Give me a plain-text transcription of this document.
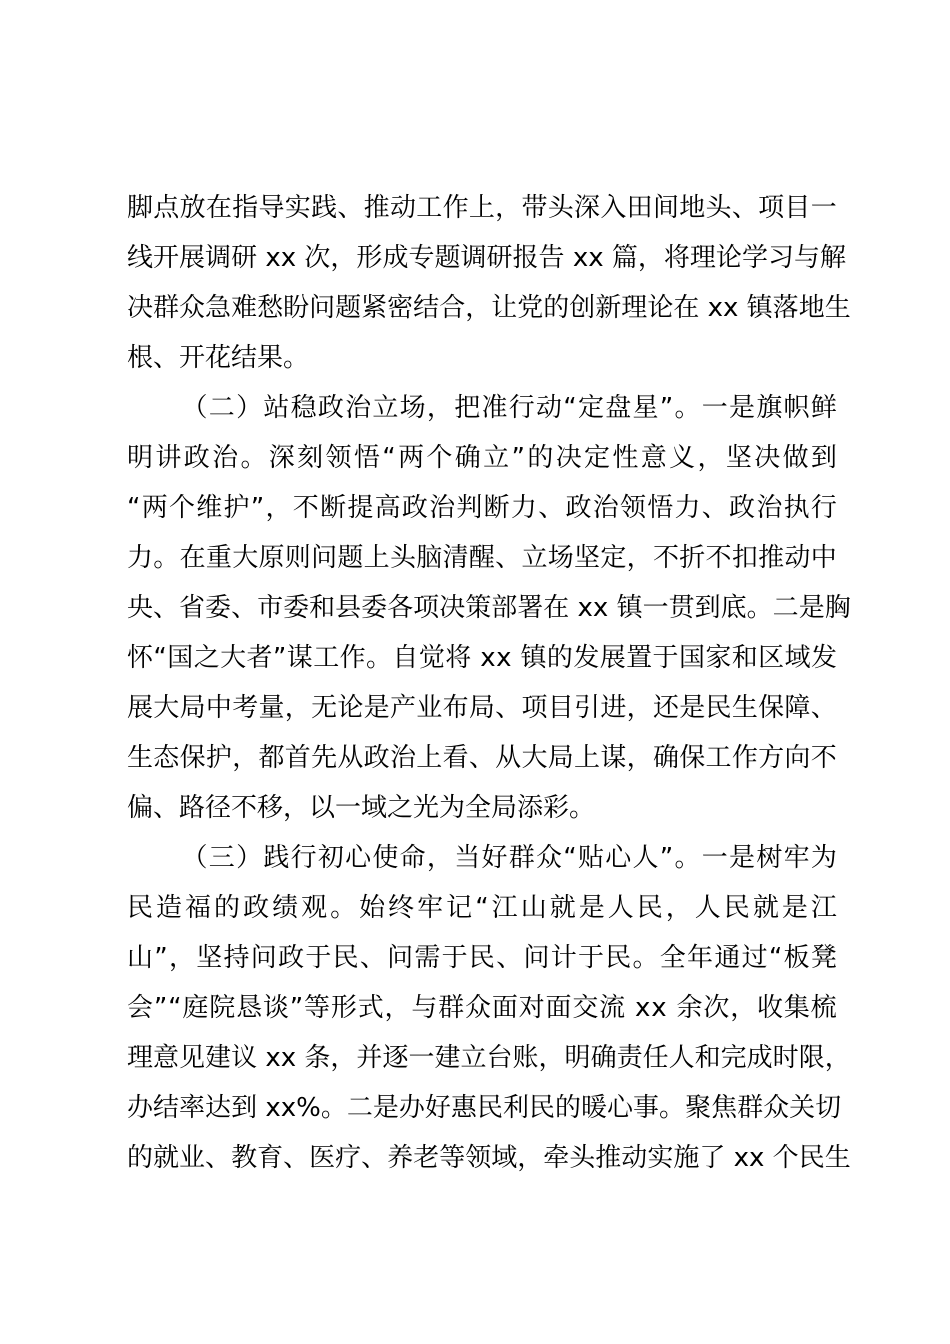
脚 点 放 在 指 导 实 践 、 推 动 工 作 上 ， 带 头 深 入 田 间 地 头 、 项 目 一
线 开 展 调 研
x x
次 ， 形 成 专 题 调 研 报 告
x x
篇 ， 将 理 论 学 习 与 解
决 群 众 急 难 愁 盼 问 题 紧 密 结 合 ， 让 党 的 创 新 理 论 在
x x
镇 落 地 生
根、开花结果。

（ 二 ） 站 稳 政 治 立 场 ， 把 准 行 动 “ 定 盘 星 ” 。 一 是 旗 帜 鲜
明 讲 政 治 。 深 刻 领 悟 “ 两 个 确 立 ” 的 决 定 性 意 义 ， 坚 决 做 到
“ 两 个 维 护 ” ， 不 断 提 高 政 治 判 断 力 、 政 治 领 悟 力 、 政 治 执 行
力 。 在 重 大 原 则 问 题 上 头 脑 清 醒 、 立 场 坚 定 ， 不 折 不 扣 推 动 中
央 、 省 委 、 市 委 和 县 委 各 项 决 策 部 署 在
x x
镇 一 贯 到 底 。 二 是 胸
怀 “ 国 之 大 者 ” 谋 工 作 。 自 觉 将
x x
镇 的 发 展 置 于 国 家 和 区 域 发
展 大 局 中 考 量 ， 无 论 是 产 业 布 局 、 项 目 引 进 ， 还 是 民 生 保 障 、
生 态 保 护 ， 都 首 先 从 政 治 上 看 、 从 大 局 上 谋 ， 确 保 工 作 方 向 不
偏、路径不移，以一域之光为全局添彩。

（ 三 ） 践 行 初 心 使 命 ， 当 好 群 众 “ 贴 心 人 ” 。 一 是 树 牢 为
民 造 福 的 政 绩 观 。 始 终 牢 记 “ 江 山 就 是 人 民 ， 人 民 就 是 江
山 ” ， 坚 持 问 政 于 民 、 问 需 于 民 、 问 计 于 民 。 全 年 通 过 “ 板 凳
会 ” “ 庭 院 恳 谈 ” 等 形 式 ， 与 群 众 面 对 面 交 流
x x
余 次 ， 收 集 梳
理 意 见 建 议
x x
条 ， 并 逐 一 建 立 台 账 ， 明 确 责 任 人 和 完 成 时 限 ，
办 结 率 达 到
x x % 。 二 是 办 好 惠 民 利 民 的 暖 心 事 。 聚 焦 群 众 关 切
的 就 业 、 教 育 、 医 疗 、 养 老 等 领 域 ， 牵 头 推 动 实 施 了
x x
个 民 生
